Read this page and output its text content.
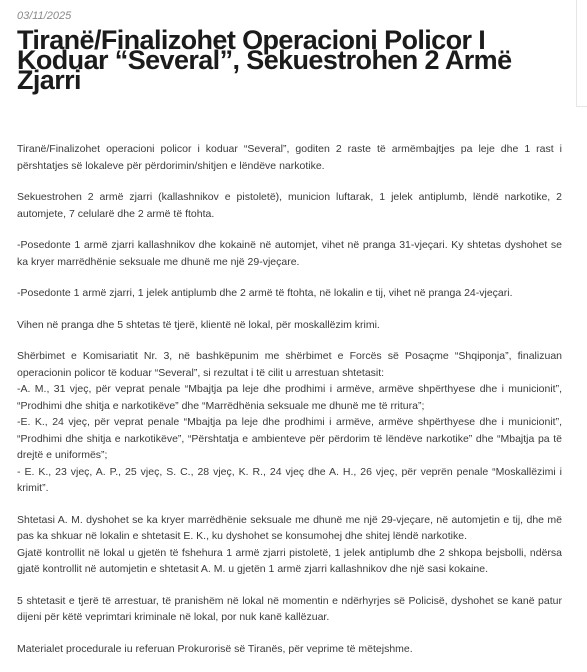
03/11/2025
Tiranë/Finalizohet Operacioni Policor I Koduar “Several”, Sekuestrohen 2 Armë Zjarri

Tiranë/Finalizohet operacioni policor i koduar “Several”, goditen 2 raste të armëmbajtjes pa leje dhe 1 rast i përshtatjes së lokaleve për përdorimin/shitjen e lëndëve narkotike.

Sekuestrohen 2 armë zjarri (kallashnikov e pistoletë), municion luftarak, 1 jelek antiplumb, lëndë narkotike, 2 automjete, 7 celularë dhe 2 armë të ftohta.

-Posedonte 1 armë zjarri kallashnikov dhe kokainë në automjet, vihet në pranga 31-vjeçari. Ky shtetas dyshohet se ka kryer marrëdhënie seksuale me dhunë me një 29-vjeçare.

-Posedonte 1 armë zjarri, 1 jelek antiplumb dhe 2 armë të ftohta, në lokalin e tij, vihet në pranga 24-vjeçari.

Vihen në pranga dhe 5 shtetas të tjerë, klientë në lokal, për moskallëzim krimi.

Shërbimet e Komisariatit Nr. 3, në bashkëpunim me shërbimet e Forcës së Posaçme “Shqiponja”, finalizuan operacionin policor të koduar “Several”, si rezultat i të cilit u arrestuan shtetasit:
-A. M., 31 vjeç, për veprat penale “Mbajtja pa leje dhe prodhimi i armëve, armëve shpërthyese dhe i municionit”, “Prodhimi dhe shitja e narkotikëve” dhe “Marrëdhënia seksuale me dhunë me të rritura”;
-E. K., 24 vjeç, për veprat penale “Mbajtja pa leje dhe prodhimi i armëve, armëve shpërthyese dhe i municionit”, “Prodhimi dhe shitja e narkotikëve”, “Përshtatja e ambienteve për përdorim të lëndëve narkotike” dhe “Mbajtja pa të drejtë e uniformës”;
- E. K., 23 vjeç, A. P., 25 vjeç, S. C., 28 vjeç, K. R., 24 vjeç dhe A. H., 26 vjeç, për veprën penale “Moskallëzimi i krimit”.

Shtetasi A. M. dyshohet se ka kryer marrëdhënie seksuale me dhunë me një 29-vjeçare, në automjetin e tij, dhe më pas ka shkuar në lokalin e shtetasit E. K., ku dyshohet se konsumohej dhe shitej lëndë narkotike.
Gjatë kontrollit në lokal u gjetën të fshehura 1 armë zjarri pistoletë, 1 jelek antiplumb dhe 2 shkopa bejsbolli, ndërsa gjatë kontrollit në automjetin e shtetasit A. M. u gjetën 1 armë zjarri kallashnikov dhe një sasi kokaine.

5 shtetasit e tjerë të arrestuar, të pranishëm në lokal në momentin e ndërhyrjes së Policisë, dyshohet se kanë patur dijeni për këtë veprimtari kriminale në lokal, por nuk kanë kallëzuar.

Materialet procedurale iu referuan Prokurorisë së Tiranës, për veprime të mëtejshme.
